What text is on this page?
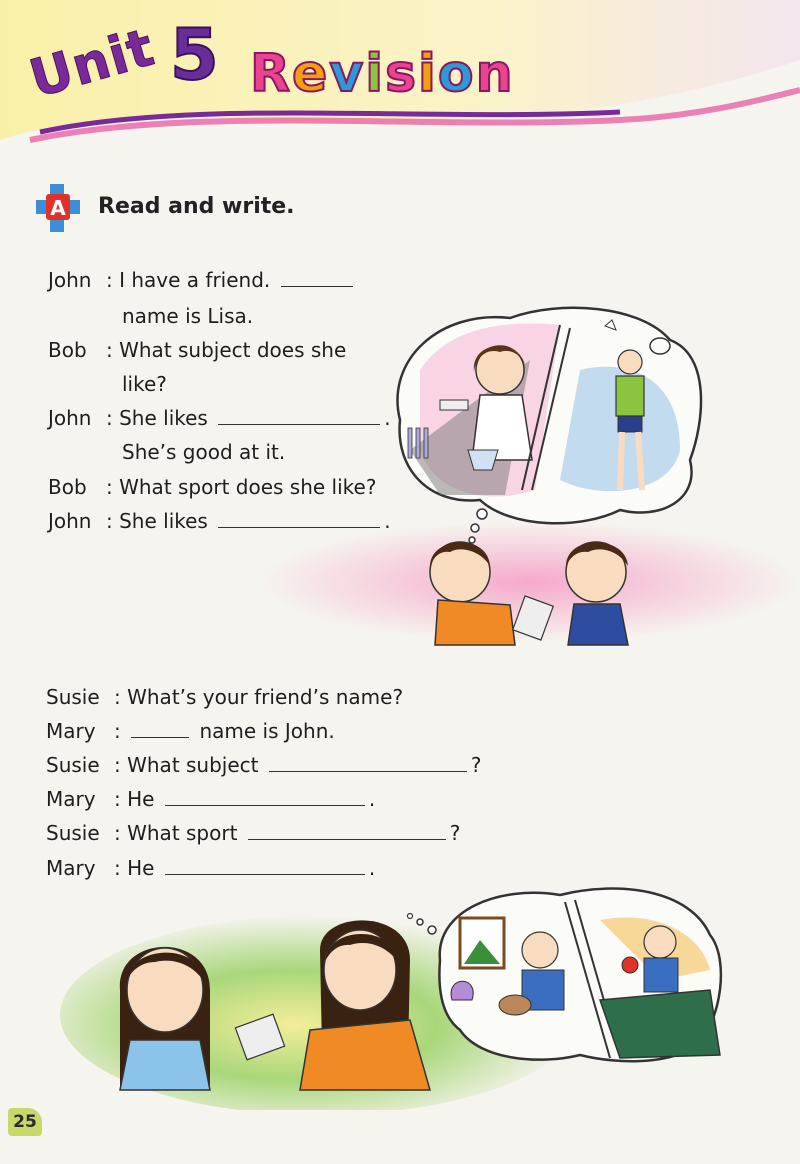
Unit 5 Revision
A Read and write.
John : I have a friend.
name is Lisa.
Bob : What subject does she
like?
John : She likes	.
She’s good at it.
Bob : What sport does she like?
John : She likes	.
Susie : What’s your friend’s name?
Mary :	name is John.
Susie : What subject	?
Mary : He	.
Susie : What sport	?
Mary : He	.
25
